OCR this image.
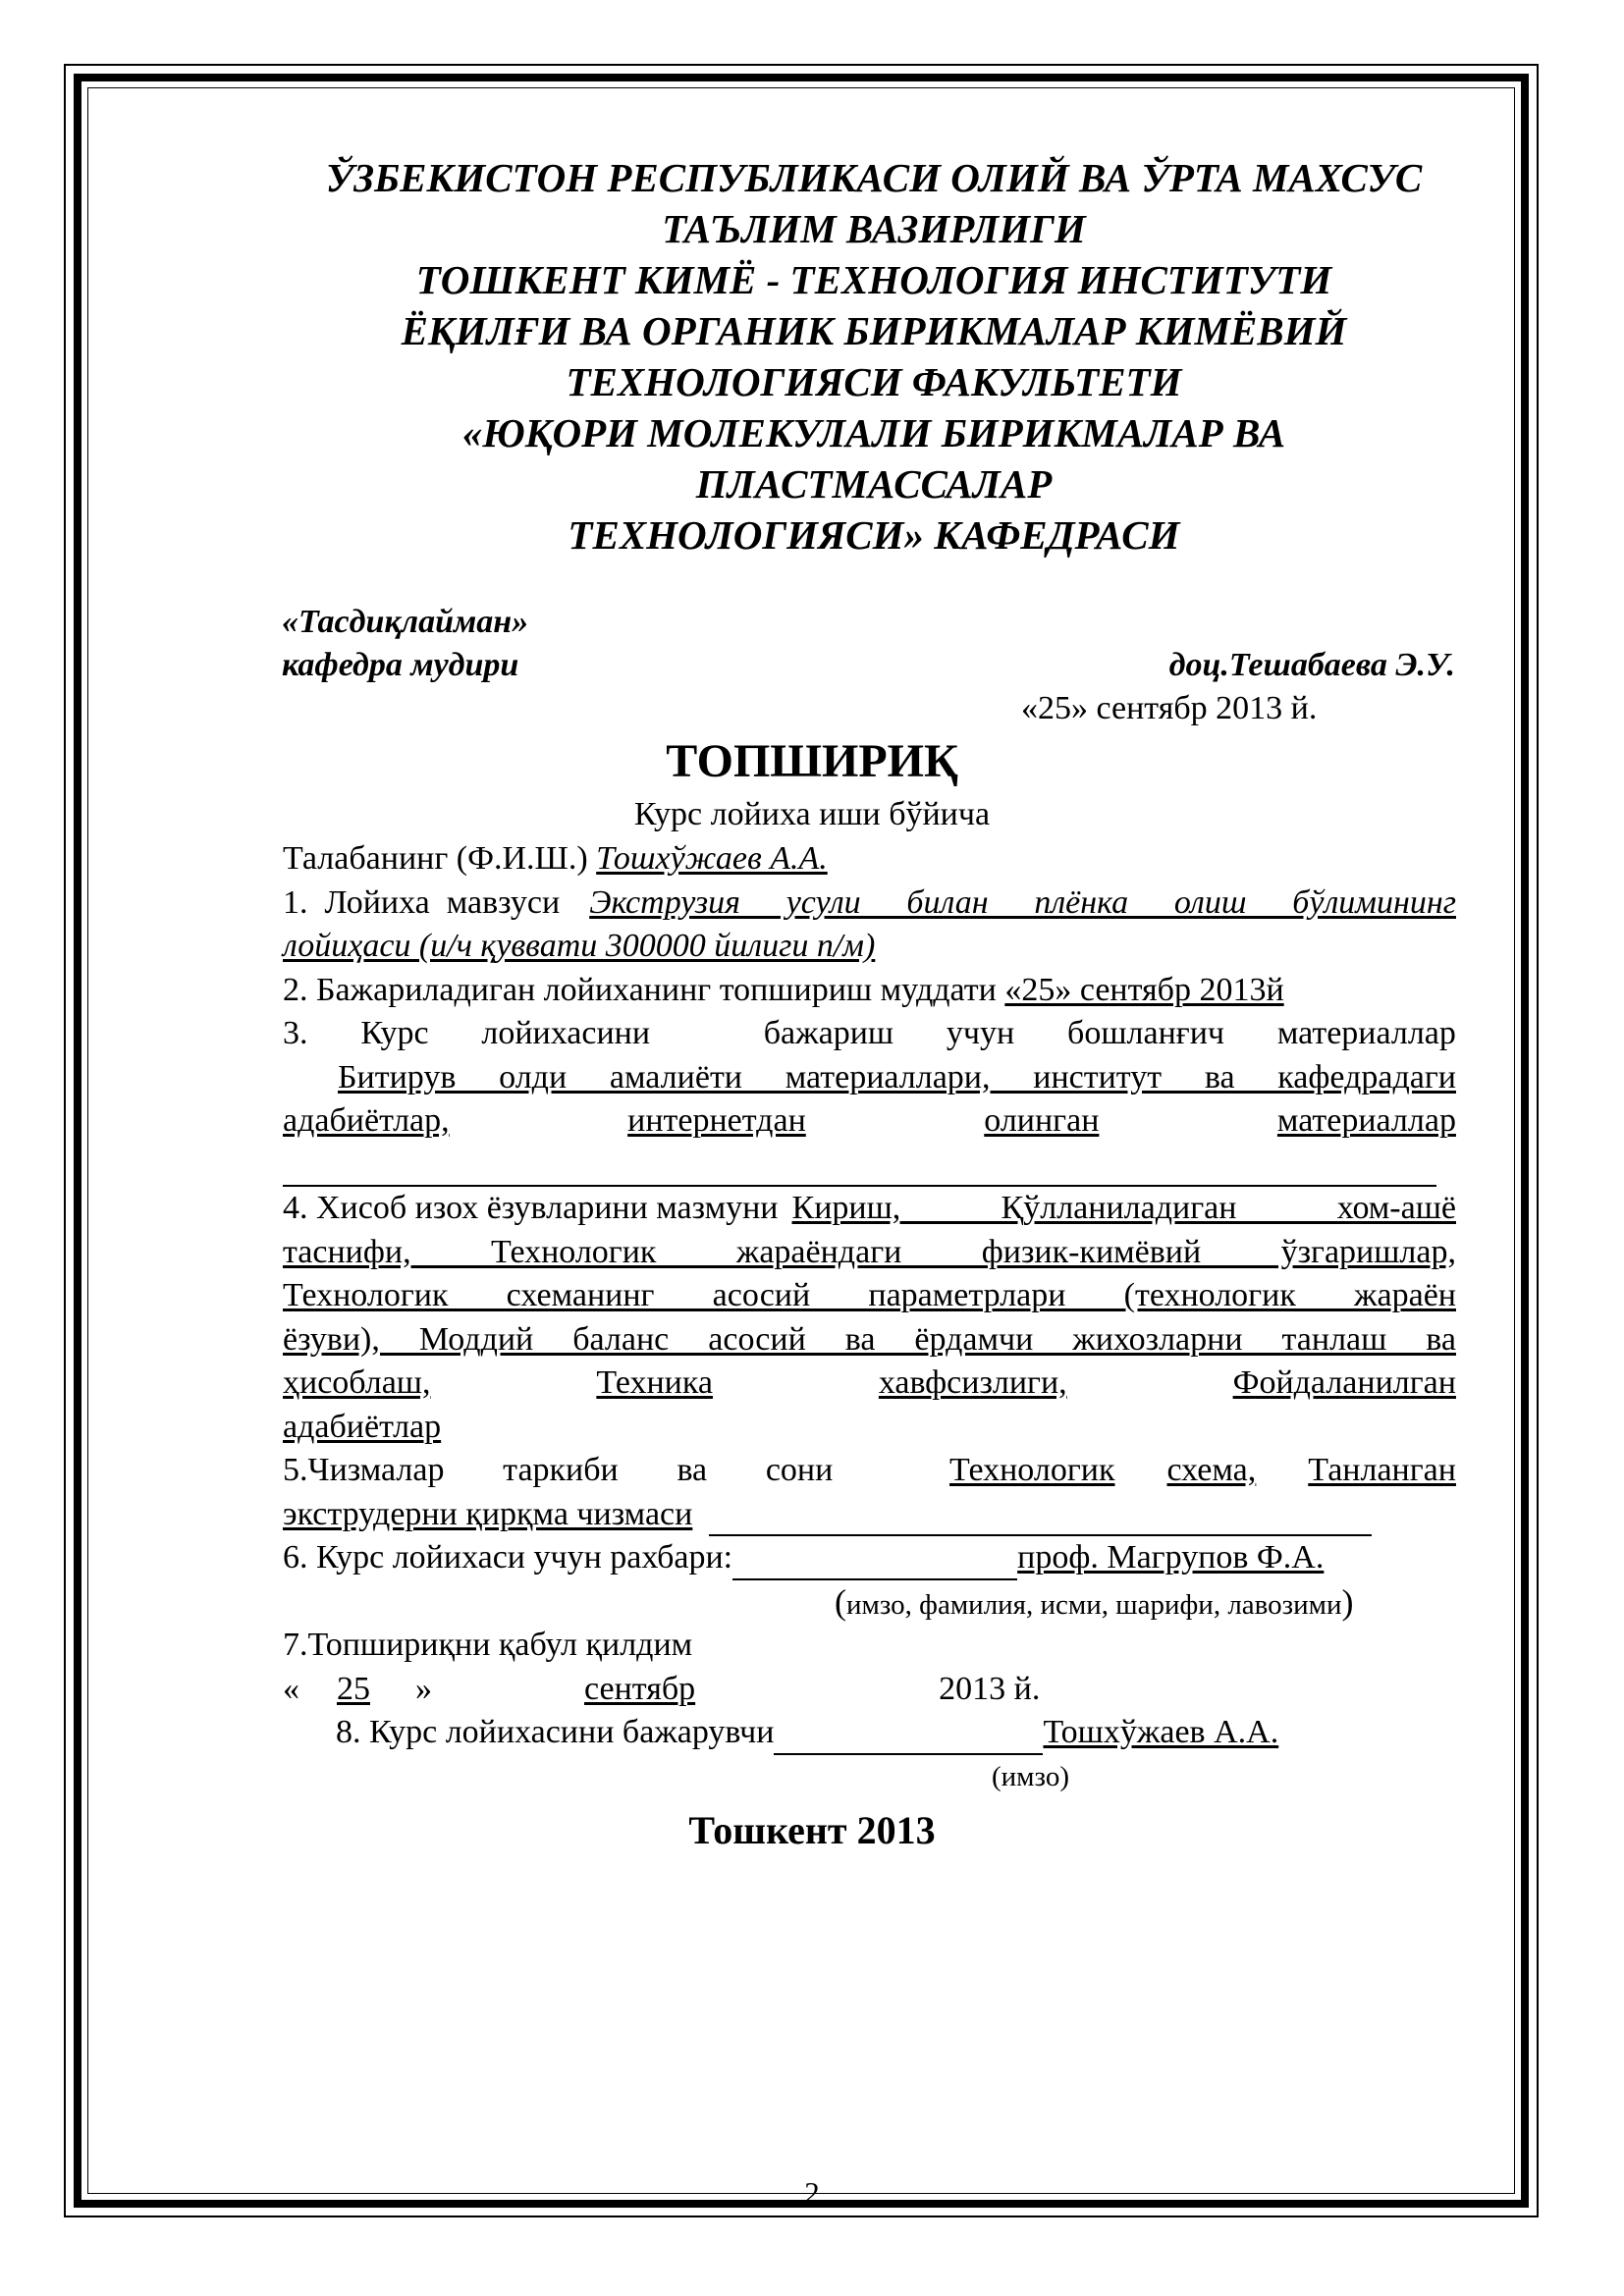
ЎЗБЕКИСТОН РЕСПУБЛИКАСИ ОЛИЙ ВА ЎРТА МАХСУС
ТАЪЛИМ ВАЗИРЛИГИ
ТОШКЕНТ КИМЁ - ТЕХНОЛОГИЯ ИНСТИТУТИ
ЁҚИЛҒИ ВА ОРГАНИК БИРИКМАЛАР КИМЁВИЙ
ТЕХНОЛОГИЯСИ ФАКУЛЬТЕТИ
«ЮҚОРИ МОЛЕКУЛАЛИ БИРИКМАЛАР ВА
ПЛАСТМАССАЛАР
ТЕХНОЛОГИЯСИ» КАФЕДРАСИ
«Тасдиқлайман»
кафедра мудири	доц.Тешабаева Э.У.
«25» сентябр 2013 й.
ТОПШИРИҚ
Курс лойиха иши бўйича
Талабанинг (Ф.И.Ш.) Тошхўжаев А.А.
1.  Лойиха  мавзуси Экструзия  усули  билан  плёнка  олиш  бўлимининг
лойиҳаси (и/ч қуввати 300000 йилиги п/м)
2. Бажариладиган лойиханинг топшириш муддати «25» сентябр 2013й
3. Курс лойихасини	бажариш учун бошланғич материаллар
Битирув олди амалиёти материаллари, институт ва кафедрадаги
адабиётлар,	интернетдан	олинган	материаллар
4. Хисоб изох ёзувларини мазмуни Кириш, Қўлланиладиган хом-ашё
таснифи,  Технологик  жараёндаги  физик-кимёвий  ўзгаришлар,
Технологик  схеманинг  асосий  параметрлари  (технологик  жараён
ёзуви),  Моддий  баланс  асосий  ва  ёрдамчи  жихозларни  танлаш  ва
ҳисоблаш,	Техника	хавфсизлиги,	Фойдаланилган
адабиётлар
5.Чизмалар таркиби ва сони	Технологик схема, Танланган
экструдерни қирқма чизмаси
6. Курс лойихаси учун рахбари:	проф. Магрупов Ф.А.
(имзо, фамилия, исми, шарифи, лавозими)
7.Топшириқни қабул қилдим
« 25 »	сентябр	2013 й.
8. Курс лойихасини бажарувчи	Тошхўжаев А.А.
(имзо)
Тошкент 2013
2
